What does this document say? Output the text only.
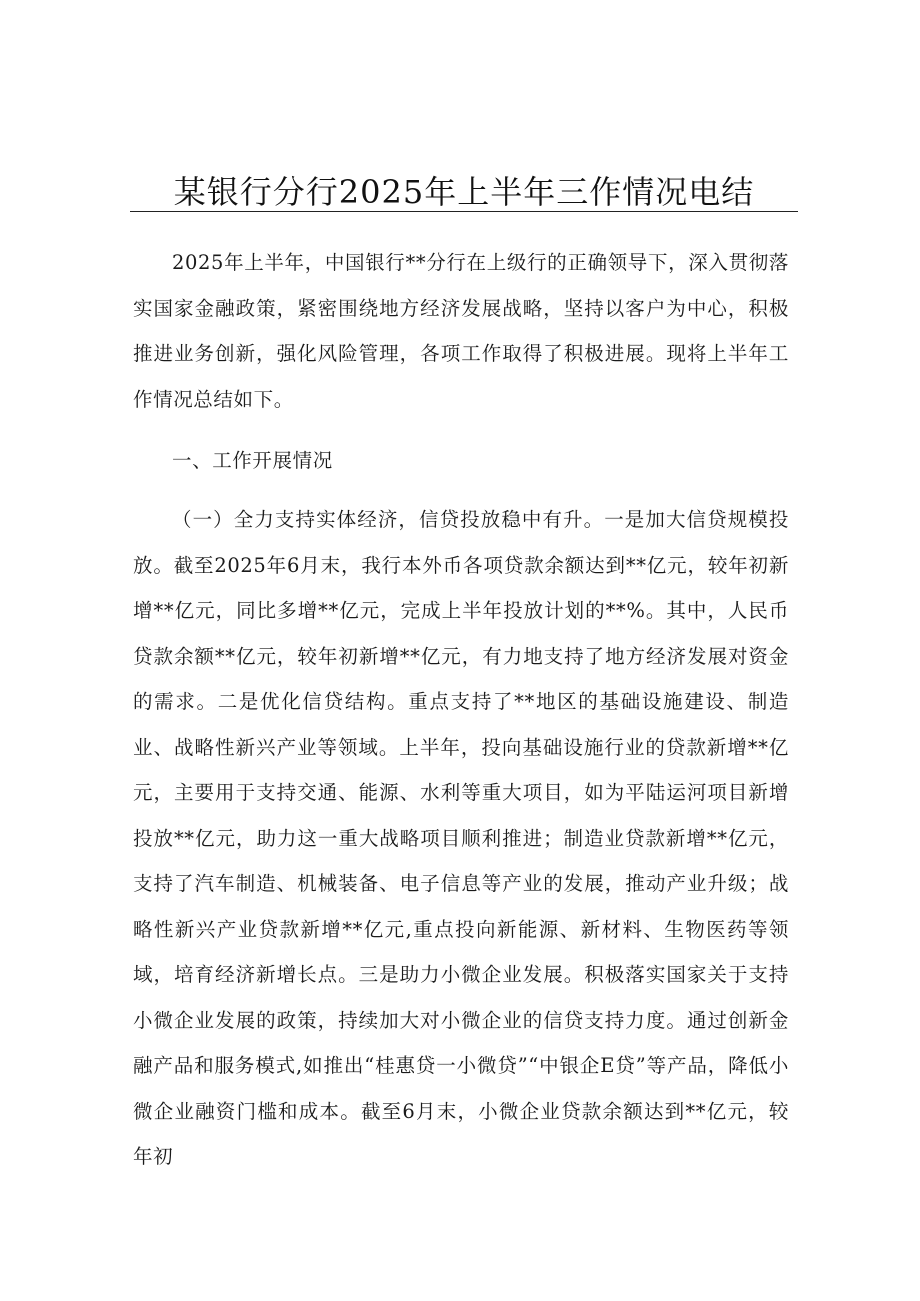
某银行分行2025年上半年三作情况电结

2025年上半年，中国银行**分行在上级行的正确领导下，深入贯彻落实国家金融政策，紧密围绕地方经济发展战略，坚持以客户为中心，积极推进业务创新，强化风险管理，各项工作取得了积极进展。现将上半年工作情况总结如下。

一、工作开展情况

（一）全力支持实体经济，信贷投放稳中有升。一是加大信贷规模投放。截至2025年6月末，我行本外币各项贷款余额达到**亿元，较年初新增**亿元，同比多增**亿元，完成上半年投放计划的**%。其中，人民币贷款余额**亿元，较年初新增**亿元，有力地支持了地方经济发展对资金的需求。二是优化信贷结构。重点支持了**地区的基础设施建设、制造业、战略性新兴产业等领域。上半年，投向基础设施行业的贷款新增**亿元，主要用于支持交通、能源、水利等重大项目，如为平陆运河项目新增投放**亿元，助力这一重大战略项目顺利推进；制造业贷款新增**亿元，支持了汽车制造、机械装备、电子信息等产业的发展，推动产业升级；战略性新兴产业贷款新增**亿元,重点投向新能源、新材料、生物医药等领域，培育经济新增长点。三是助力小微企业发展。积极落实国家关于支持小微企业发展的政策，持续加大对小微企业的信贷支持力度。通过创新金融产品和服务模式,如推出“桂惠贷一小微贷”“中银企E贷”等产品，降低小微企业融资门槛和成本。截至6月末，小微企业贷款余额达到**亿元，较年初
